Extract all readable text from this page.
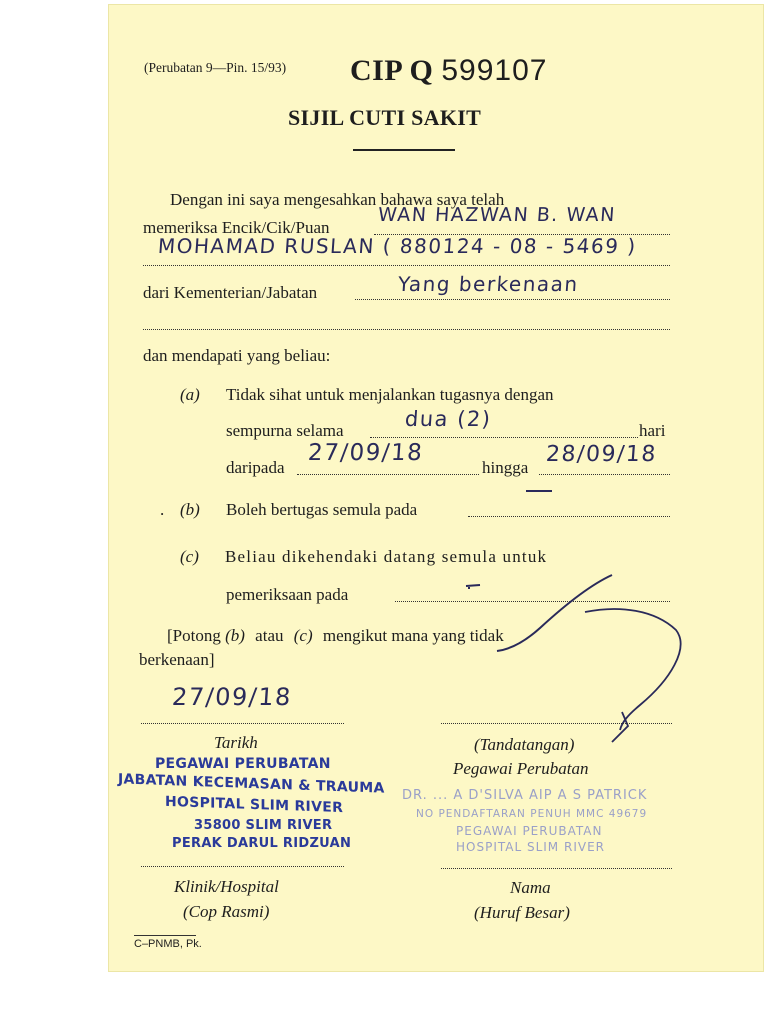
(Perubatan 9—Pin. 15/93) CIP Q 599107
SIJIL CUTI SAKIT
Dengan ini saya mengesahkan bahawa saya telah
memeriksa Encik/Cik/Puan
WAN HAZWAN B. WAN
MOHAMAD RUSLAN ( 880124 - 08 - 5469 )
dari Kementerian/Jabatan	Yang berkenaan
dan mendapati yang beliau:
(a) Tidak sihat untuk menjalankan tugasnya dengan
sempurna selama	dua (2)	hari
daripada
27/09/18
hingga
28/09/18
. (b) Boleh bertugas semula pada
(c) Beliau dikehendaki datang semula untuk
pemeriksaan pada
[Potong (b) atau (c) mengikut mana yang tidak
berkenaan]
27/09/18
Tarikh	(Tandatangan)
Pegawai Perubatan
PEGAWAI PERUBATAN
JABATAN KECEMASAN & TRAUMA
HOSPITAL SLIM RIVER
35800 SLIM RIVER
PERAK DARUL RIDZUAN
DR. ... A D'SILVA AIP A S PATRICK
NO PENDAFTARAN PENUH MMC 49679
PEGAWAI PERUBATAN
HOSPITAL SLIM RIVER
Klinik/Hospital	Nama
(Cop Rasmi)	(Huruf Besar)
C–PNMB, Pk.
